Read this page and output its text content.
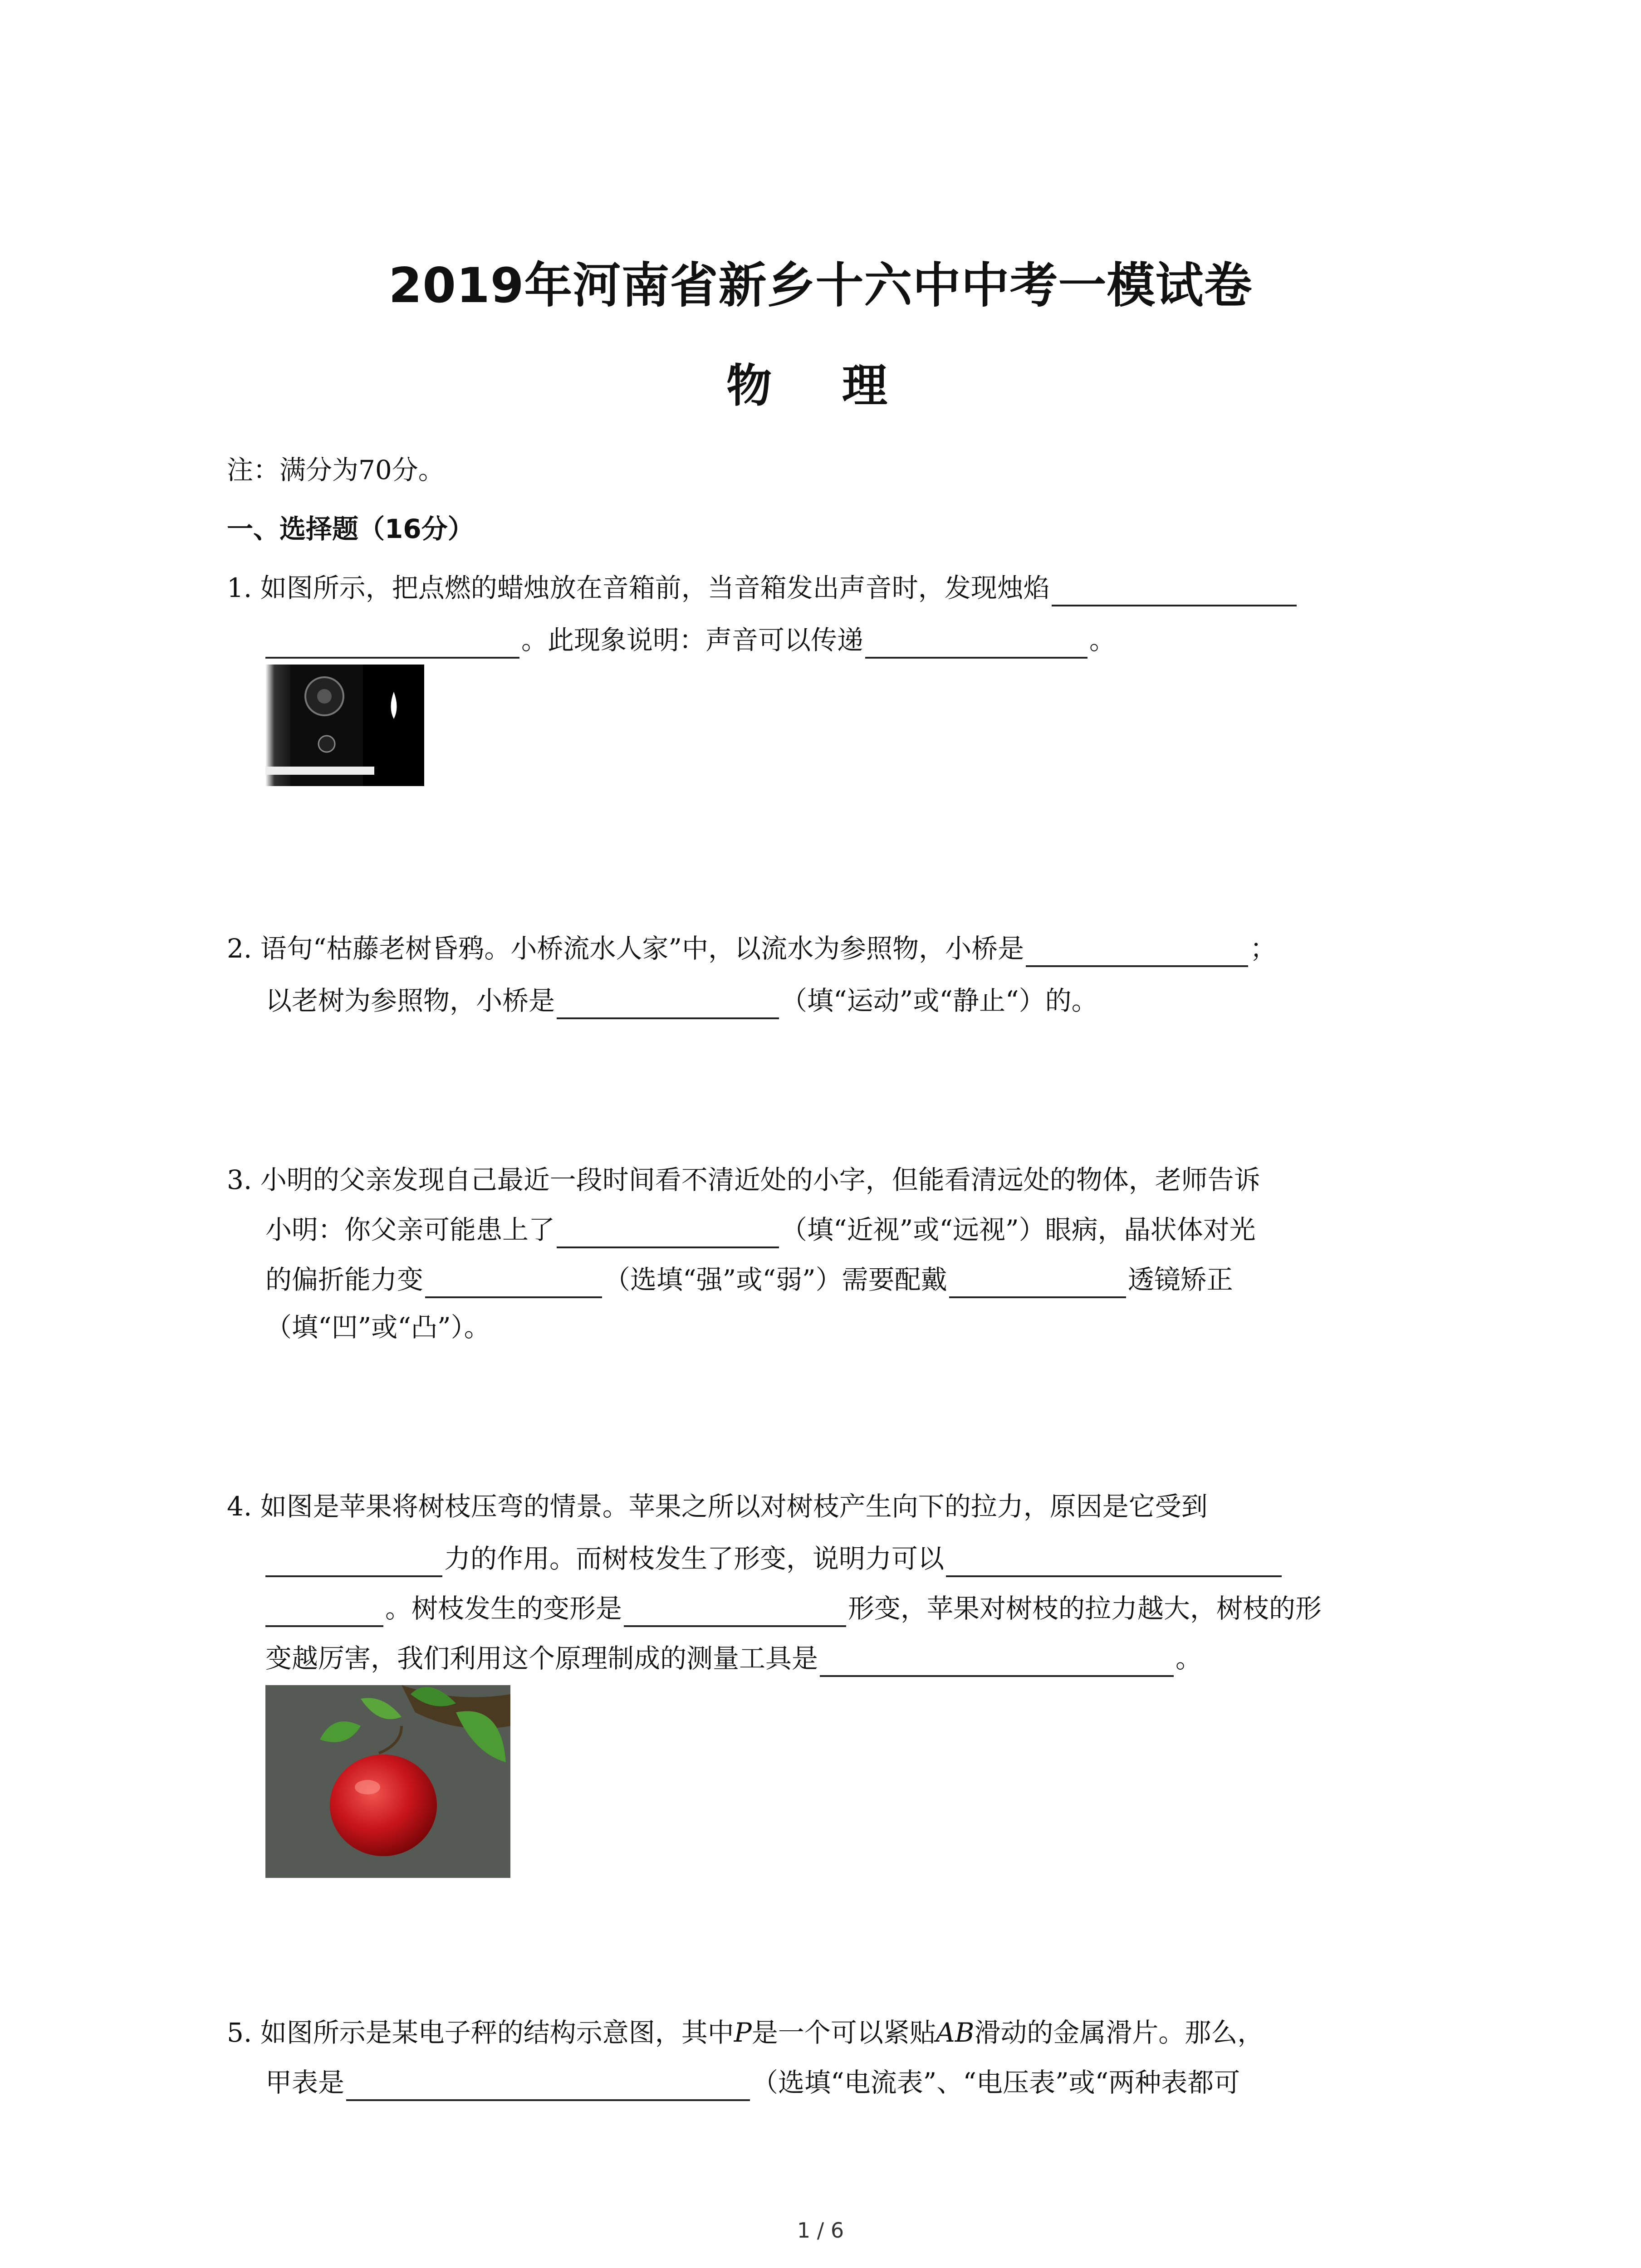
2019年河南省新乡十六中中考一模试卷
物 理
注：满分为70分。
一、选择题（16分）
1. 如图所示，把点燃的蜡烛放在音箱前，当音箱发出声音时，发现烛焰
。此现象说明：声音可以传递	。
2. 语句“枯藤老树昏鸦。小桥流水人家”中，以流水为参照物，小桥是	；
以老树为参照物，小桥是	（填“运动”或“静止“）的。
3. 小明的父亲发现自己最近一段时间看不清近处的小字，但能看清远处的物体，老师告诉
小明：你父亲可能患上了	（填“近视”或“远视”）眼病，晶状体对光
的偏折能力变	（选填“强”或“弱”）需要配戴	透镜矫正
（填“凹”或“凸”）。
4. 如图是苹果将树枝压弯的情景。苹果之所以对树枝产生向下的拉力，原因是它受到
力的作用。而树枝发生了形变，说明力可以
。树枝发生的变形是	形变，苹果对树枝的拉力越大，树枝的形
变越厉害，我们利用这个原理制成的测量工具是	。
5. 如图所示是某电子秤的结构示意图，其中P是一个可以紧贴AB滑动的金属滑片。那么，
甲表是	（选填“电流表”、“电压表”或“两种表都可
1 / 6
